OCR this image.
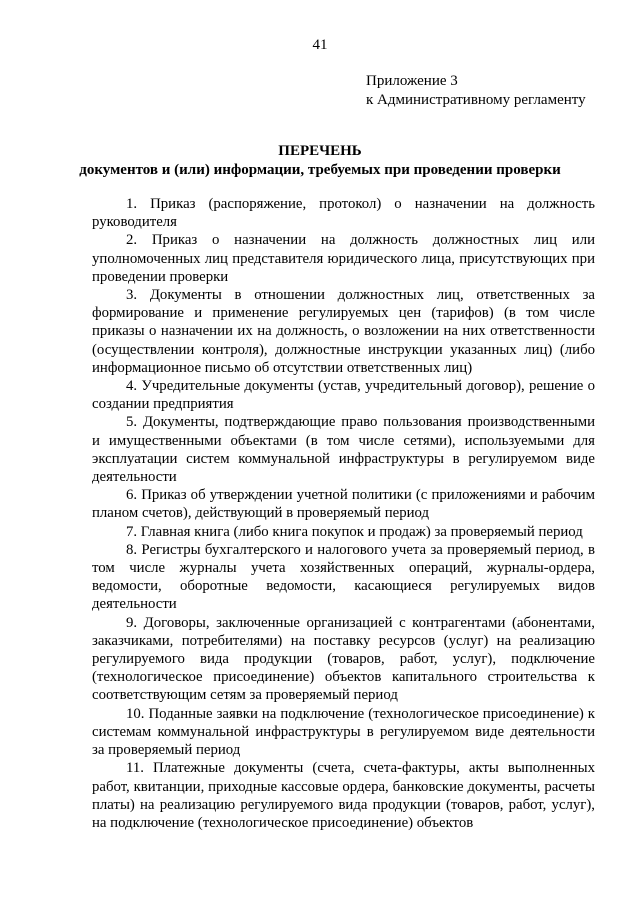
41
Приложение 3
к Административному регламенту
ПЕРЕЧЕНЬ
документов и (или) информации, требуемых при проведении проверки

1. Приказ (распоряжение, протокол) о назначении на должность руководителя

2. Приказ о назначении на должность должностных лиц или уполномоченных лиц представителя юридического лица, присутствующих при проведении проверки

3. Документы в отношении должностных лиц, ответственных за формирование и применение регулируемых цен (тарифов) (в том числе приказы о назначении их на должность, о возложении на них ответственности (осуществлении контроля), должностные инструкции указанных лиц) (либо информационное письмо об отсутствии ответственных лиц)

4. Учредительные документы (устав, учредительный договор), решение о создании предприятия

5. Документы, подтверждающие право пользования производственными и имущественными объектами (в том числе сетями), используемыми для эксплуатации систем коммунальной инфраструктуры в регулируемом виде деятельности

6. Приказ об утверждении учетной политики (с приложениями и рабочим планом счетов), действующий в проверяемый период

7. Главная книга (либо книга покупок и продаж) за проверяемый период

8. Регистры бухгалтерского и налогового учета за проверяемый период, в том числе журналы учета хозяйственных операций, журналы-ордера, ведомости, оборотные ведомости, касающиеся регулируемых видов деятельности

9. Договоры, заключенные организацией с контрагентами (абонентами, заказчиками, потребителями) на поставку ресурсов (услуг) на реализацию регулируемого вида продукции (товаров, работ, услуг), подключение (технологическое присоединение) объектов капитального строительства к соответствующим сетям за проверяемый период

10. Поданные заявки на подключение (технологическое присоединение) к системам коммунальной инфраструктуры в регулируемом виде деятельности за проверяемый период

11. Платежные документы (счета, счета-фактуры, акты выполненных работ, квитанции, приходные кассовые ордера, банковские документы, расчеты платы) на реализацию регулируемого вида продукции (товаров, работ, услуг), на подключение (технологическое присоединение) объектов
